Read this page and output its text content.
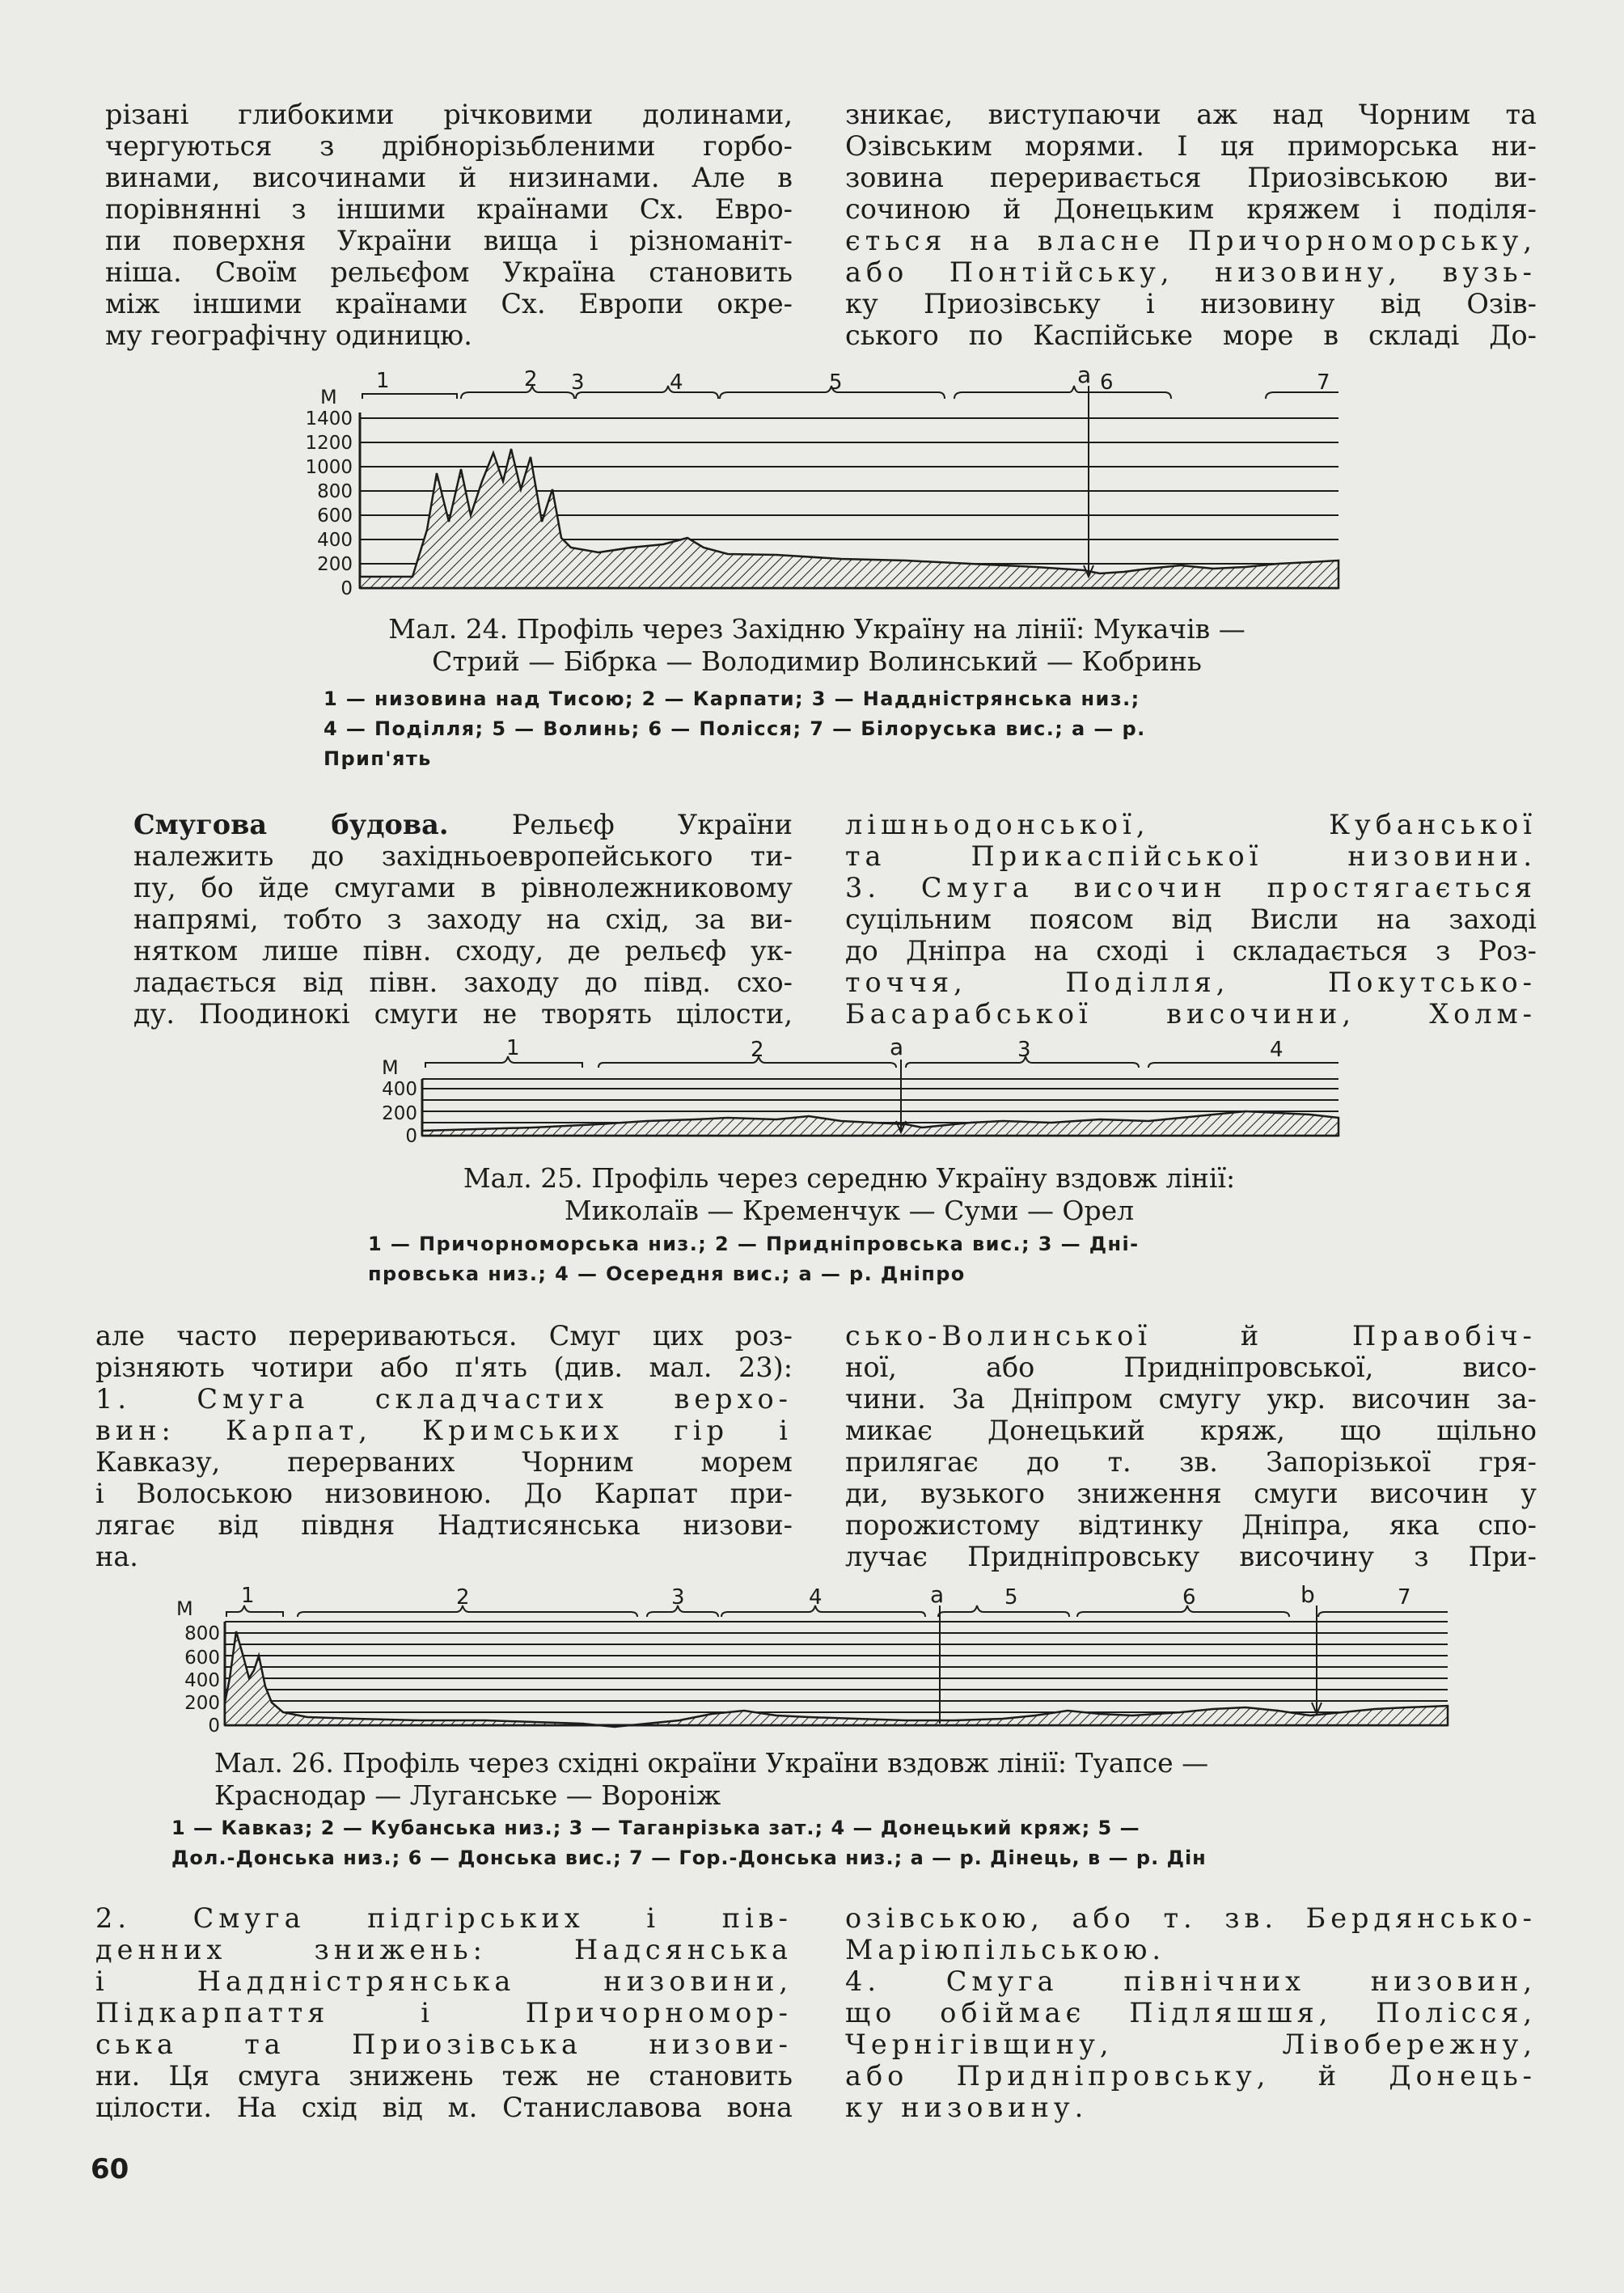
різані глибокими річковими долинами,
чергуються з дрібнорізьбленими горбо-
винами, височинами й низинами. Але в
порівнянні з іншими країнами Сх. Евро-
пи поверхня України вища і різноманіт-
ніша. Своїм рельєфом Україна становить
між іншими країнами Сх. Европи окре-
му географічну одиницю.
зникає, виступаючи аж над Чорним та
Озівським морями. І ця приморська ни-
зовина переривається Приозівською ви-
сочиною й Донецьким кряжем і поділя-
ється на власне Причорноморську,
або Понтійську, низовину, вузь-
ку Приозівську і низовину від Озів-
ського по Каспійське море в складі До-
М
1400
1200
1000
800
600
400
200
0
1	2 3	4	5	6	7
а
Мал. 24. Профіль через Західню Україну на лінії: Мукачів —
Стрий — Бібрка — Володимир Волинський — Кобринь
1 — низовина над Тисою; 2 — Карпати; 3 — Наддністрянська низ.;
4 — Поділля; 5 — Волинь; 6 — Полісся; 7 — Білоруська вис.; а — р.
Прип'ять
Смугова будова. Рельєф України
належить до західньоевропейського ти-
пу, бо йде смугами в рівнолежниковому
напрямі, тобто з заходу на схід, за ви-
нятком лише півн. сходу, де рельєф ук-
ладається від півн. заходу до півд. схо-
ду. Поодинокі смуги не творять цілости,
лішньодонської, Кубанської
та Прикаспійської низовини.
3. Смуга височин простягається
суцільним поясом від Висли на заході
до Дніпра на сході і складається з Роз-
точчя, Поділля, Покутсько-
Басарабської височини, Холм-
М
400
200
0
1	2	3	4
а
Мал. 25. Профіль через середню Україну вздовж лінії:
Миколаїв — Кременчук — Суми — Орел
1 — Причорноморська низ.; 2 — Придніпровська вис.; 3 — Дні-
провська низ.; 4 — Осередня вис.; а — р. Дніпро
але часто перериваються. Смуг цих роз-
різняють чотири або п'ять (див. мал. 23):
1. Смуга складчастих верхо-
вин: Карпат, Кримських гір і
Кавказу, перерваних Чорним морем
і Волоською низовиною. До Карпат при-
лягає від півдня Надтисянська низови-
на.
сько-Волинської й Правобіч-
ної, або Придніпровської, висо-
чини. За Дніпром смугу укр. височин за-
микає Донецький кряж, що щільно
прилягає до т. зв. Запорізької гря-
ди, вузького зниження смуги височин у
порожистому відтинку Дніпра, яка спо-
лучає Придніпровську височину з При-
М
800
600
400
200
0
1	2	3	4	5	6	7
а	b
Мал. 26. Профіль через східні окраїни України вздовж лінії: Туапсе —
Краснодар — Луганське — Вороніж
1 — Кавказ; 2 — Кубанська низ.; 3 — Таганрізька зат.; 4 — Донецький кряж; 5 —
Дол.-Донська низ.; 6 — Донська вис.; 7 — Гор.-Донська низ.; а — р. Дінець, в — р. Дін
2. Смуга підгірських і пів-
денних знижень: Надсянська
і Наддністрянська низовини,
Підкарпаття і Причорномор-
ська та Приозівська низови-
ни. Ця смуга знижень теж не становить
цілости. На схід від м. Станиславова вона
озівською, або т. зв. Бердянсько-
Маріюпільською.
4. Смуга північних низовин,
що обіймає Підляшшя, Полісся,
Чернігівщину, Лівобережну,
або Придніпровську, й Донець-
ку низовину.
60
